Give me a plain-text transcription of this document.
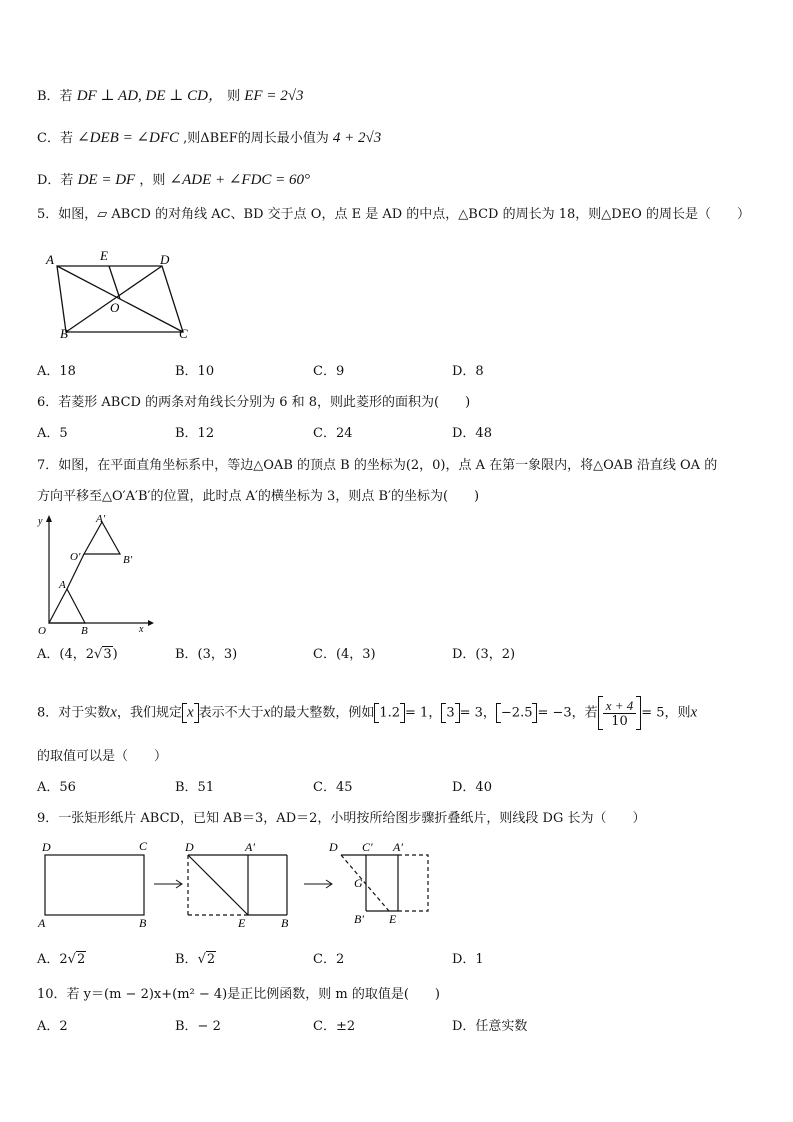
B．若 DF ⊥ AD, DE ⊥ CD， 则 EF = 2√3
C．若 ∠DEB = ∠DFC ,则ΔBEF的周长最小值为 4 + 2√3
D．若 DE = DF ，则 ∠ADE + ∠FDC = 60°
5．如图，▱ ABCD 的对角线 AC、BD 交于点 O，点 E 是 AD 的中点，△BCD 的周长为 18，则△DEO 的周长是（　　）
A	E	D
O
B	C
A．18	B．10	C．9	D．8
6．若菱形 ABCD 的两条对角线长分别为 6 和 8，则此菱形的面积为(　　)
A．5	B．12	C．24	D．48
7．如图，在平面直角坐标系中，等边△OAB 的顶点 B 的坐标为(2，0)，点 A 在第一象限内，将△OAB 沿直线 OA 的
方向平移至△O′A′B′的位置，此时点 A′的横坐标为 3，则点 B′的坐标为(　　)
y
x
O
A
B
O′
A′
B′
A．(4，2√3)	B．(3，3)	C．(4，3)	D．(3，2)
8．对于实数x，我们规定 x 表示不大于x的最大整数，例如 1.2 = 1， 3 = 3， −2.5 = −3，若 $\frac{x + 4}{10} = 5$，则x
的取值可以是（　　）
A．56	B．51	C．45	D．40
9．一张矩形纸片 ABCD，已知 AB＝3，AD＝2，小明按所给图步骤折叠纸片，则线段 DG 长为（　　）
D	C
A	B
D	A′
E	B
D C′ A′
G
B′ E
A．2√2	B．√2	C．2	D．1
10．若 y＝(m − 2)x+(m² − 4)是正比例函数，则 m 的取值是(　　)
A．2	B．− 2	C．±2	D．任意实数
